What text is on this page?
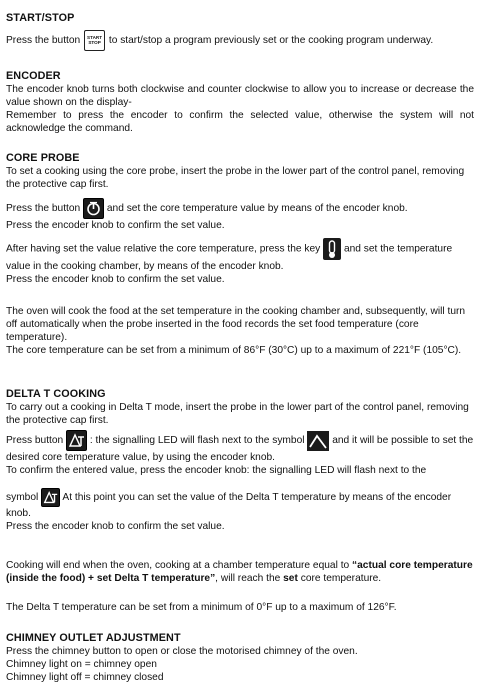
START/STOP
Press the button	START
STOP to start/stop a program previously set or the cooking program underway.
ENCODER

The encoder knob turns both clockwise and counter clockwise to allow you to increase or decrease the value shown on the display-

Remember to press the encoder to confirm the selected value, otherwise the system will not acknowledge the command.

CORE PROBE

To set a cooking using the core probe, insert the probe in the lower part of the control panel, removing the protective cap first.

Press the button	and set the core temperature value by means of the encoder knob.
Press the encoder knob to confirm the set value.
After having set the value relative the core temperature, press the key and set the temperature value in the cooking chamber, by means of the encoder knob.
Press the encoder knob to confirm the set value.

The oven will cook the food at the set temperature in the cooking chamber and, subsequently, will turn off automatically when the probe inserted in the food records the set food temperature (core temperature).

The core temperature can be set from a minimum of 86°F (30°C) up to a maximum of 221°F (105°C).

DELTA T COOKING

To carry out a cooking in Delta T mode, insert the probe in the lower part of the control panel, removing the protective cap first.

Press button	: the signalling LED will flash next to the symbol	and it will be possible to set the desired core temperature value, by using the encoder knob.
To confirm the entered value, press the encoder knob: the signalling LED will flash next to the
symbol At this point you can set the value of the Delta T temperature by means of the encoder knob.
Press the encoder knob to confirm the set value.
Cooking will end when the oven, cooking at a chamber temperature equal to “actual core temperature (inside the food) + set Delta T temperature”, will reach the set core temperature.

The Delta T temperature can be set from a minimum of 0°F up to a maximum of 126°F.

CHIMNEY OUTLET ADJUSTMENT

Press the chimney button to open or close the motorised chimney of the oven.

Chimney light on = chimney open

Chimney light off = chimney closed
